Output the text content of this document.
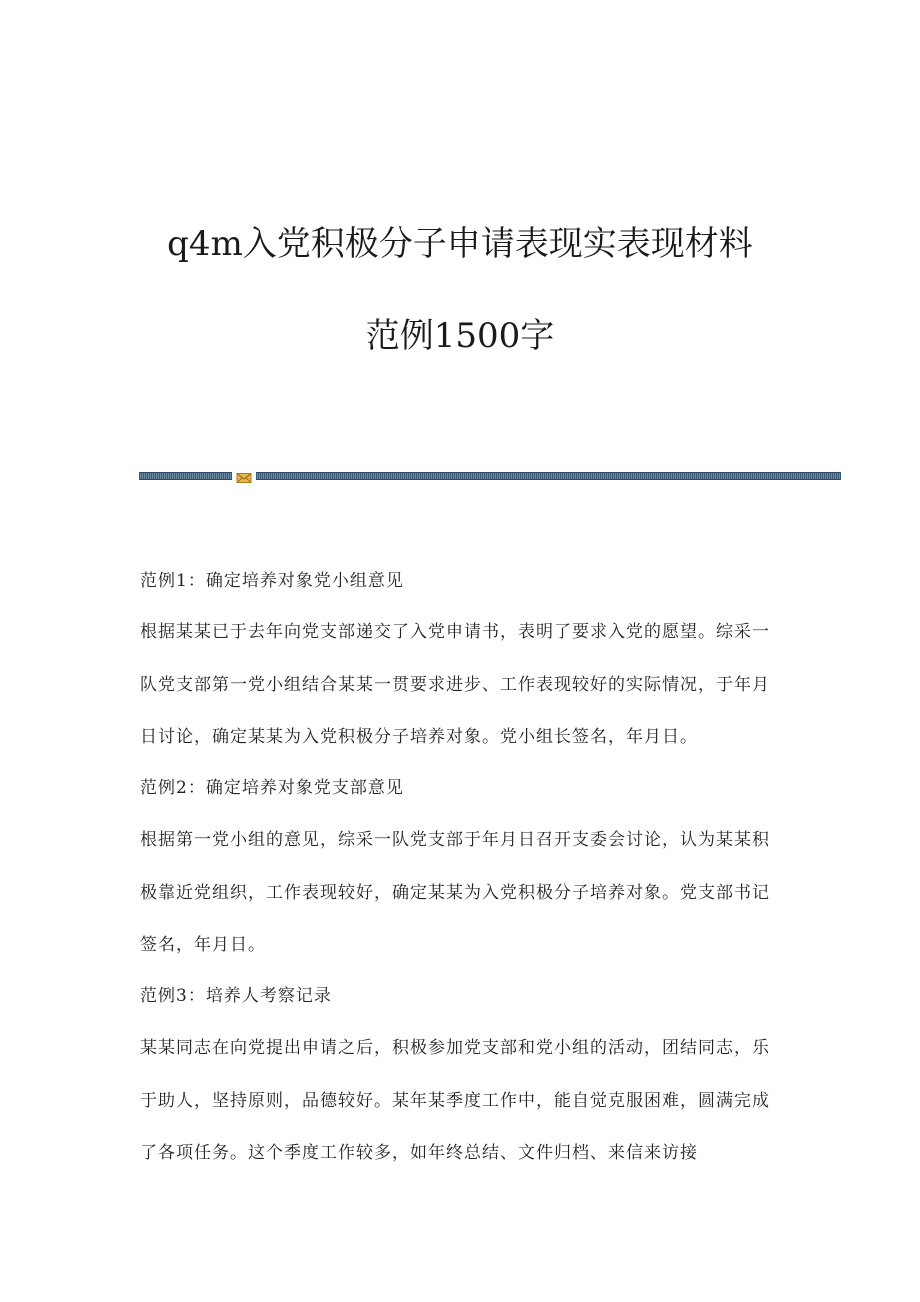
q4m入党积极分子申请表现实表现材料
范例1500字

范例1：确定培养对象党小组意见

根据某某已于去年向党支部递交了入党申请书，表明了要求入党的愿望。综采一队党支部第一党小组结合某某一贯要求进步、工作表现较好的实际情况，于年月日讨论，确定某某为入党积极分子培养对象。党小组长签名，年月日。

范例2：确定培养对象党支部意见

根据第一党小组的意见，综采一队党支部于年月日召开支委会讨论，认为某某积极靠近党组织，工作表现较好，确定某某为入党积极分子培养对象。党支部书记签名，年月日。

范例3：培养人考察记录

某某同志在向党提出申请之后，积极参加党支部和党小组的活动，团结同志，乐于助人，坚持原则，品德较好。某年某季度工作中，能自觉克服困难，圆满完成了各项任务。这个季度工作较多，如年终总结、文件归档、来信来访接
